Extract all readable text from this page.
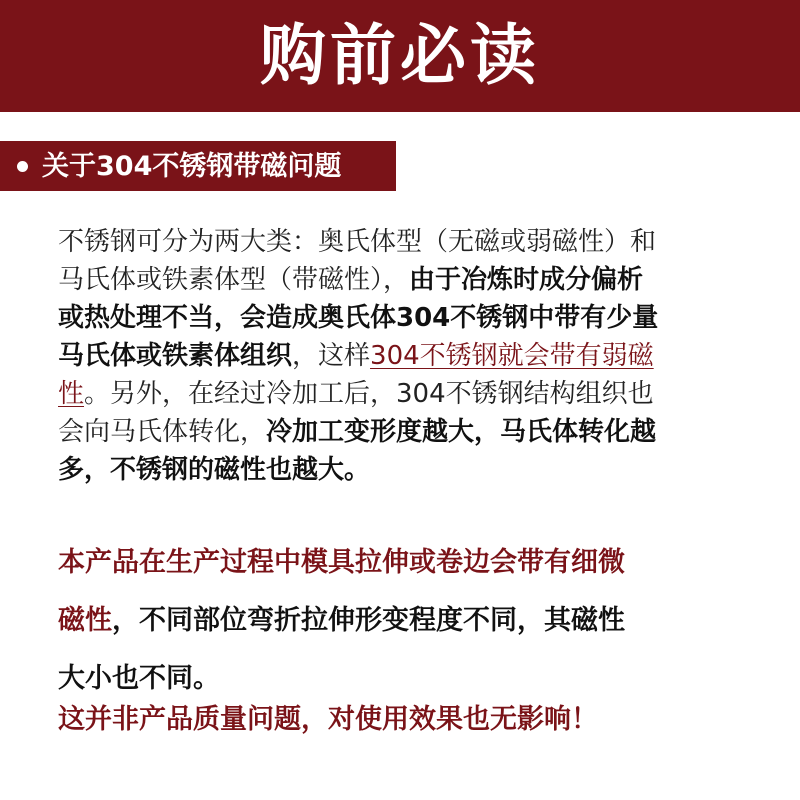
购前必读
关于304不锈钢带磁问题
不锈钢可分为两大类：奥氏体型（无磁或弱磁性）和
马氏体或铁素体型（带磁性），由于冶炼时成分偏析
或热处理不当，会造成奥氏体304不锈钢中带有少量
马氏体或铁素体组织，这样304不锈钢就会带有弱磁
性。另外，在经过冷加工后，304不锈钢结构组织也
会向马氏体转化，冷加工变形度越大，马氏体转化越
多，不锈钢的磁性也越大。
本产品在生产过程中模具拉伸或卷边会带有细微
磁性，不同部位弯折拉伸形变程度不同，其磁性
大小也不同。
这并非产品质量问题，对使用效果也无影响！
